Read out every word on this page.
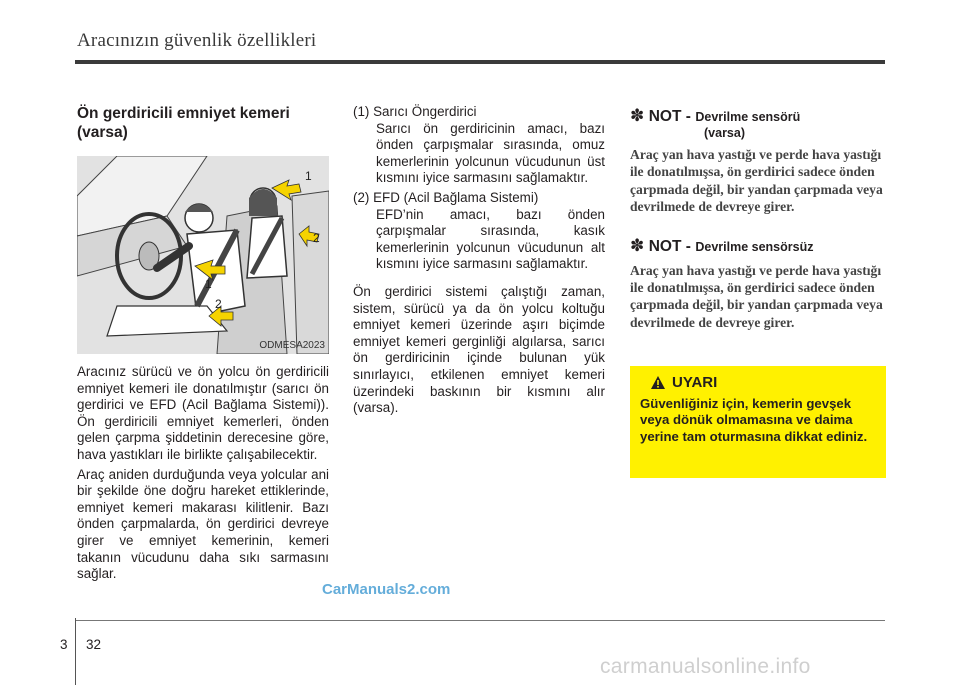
Aracınızın güvenlik özellikleri
Ön gerdiricili emniyet kemeri
(varsa)
1
2
1
2
ODMESA2023

Aracınız sürücü ve ön yolcu ön gerdiricili emniyet kemeri ile donatılmıştır (sarıcı ön gerdirici ve EFD (Acil Bağlama Sistemi)). Ön gerdiricili emniyet kemerleri, önden gelen çarpma şiddetinin derecesine göre, hava yastıkları ile birlikte çalışabilecektir.

Araç aniden durduğunda veya yolcular ani bir şekilde öne doğru hareket ettiklerinde, emniyet kemeri makarası kilitlenir. Bazı önden çarpmalarda, ön gerdirici devreye girer ve emniyet kemerinin, kemeri takanın vücudunu daha sıkı sarmasını sağlar.

(1) Sarıcı Öngerdirici

Sarıcı ön gerdiricinin amacı, bazı önden çarpışmalar sırasında, omuz kemerlerinin yolcunun vücudunun üst kısmını iyice sarmasını sağlamaktır.

(2) EFD (Acil Bağlama Sistemi)

EFD’nin amacı, bazı önden çarpışmalar sırasında, kasık kemerlerinin yolcunun vücudunun alt kısmını iyice sarmasını sağlamaktır.

Ön gerdirici sistemi çalıştığı zaman, sistem, sürücü ya da ön yolcu koltuğu emniyet kemeri üzerinde aşırı biçimde emniyet kemeri gerginliği algılarsa, sarıcı ön gerdiricinin içinde bulunan yük sınırlayıcı, etkilenen emniyet kemeri üzerindeki baskının bir kısmını alır (varsa).

✽ NOT - Devrilme sensörü
(varsa)

Araç yan hava yastığı ve perde hava yastığı ile donatılmışsa, ön gerdirici sadece önden çarpmada değil, bir yandan çarpmada veya devrilmede de devreye girer.

✽ NOT - Devrilme sensörsüz

Araç yan hava yastığı ve perde hava yastığı ile donatılmışsa, ön gerdirici sadece önden çarpmada değil, bir yandan çarpmada veya devrilmede de devreye girer.

UYARI

Güvenliğiniz için, kemerin gevşek veya dönük olmamasına ve daima yerine tam oturmasına dikkat ediniz.

CarManuals2.com
3 32
carmanualsonline.info
